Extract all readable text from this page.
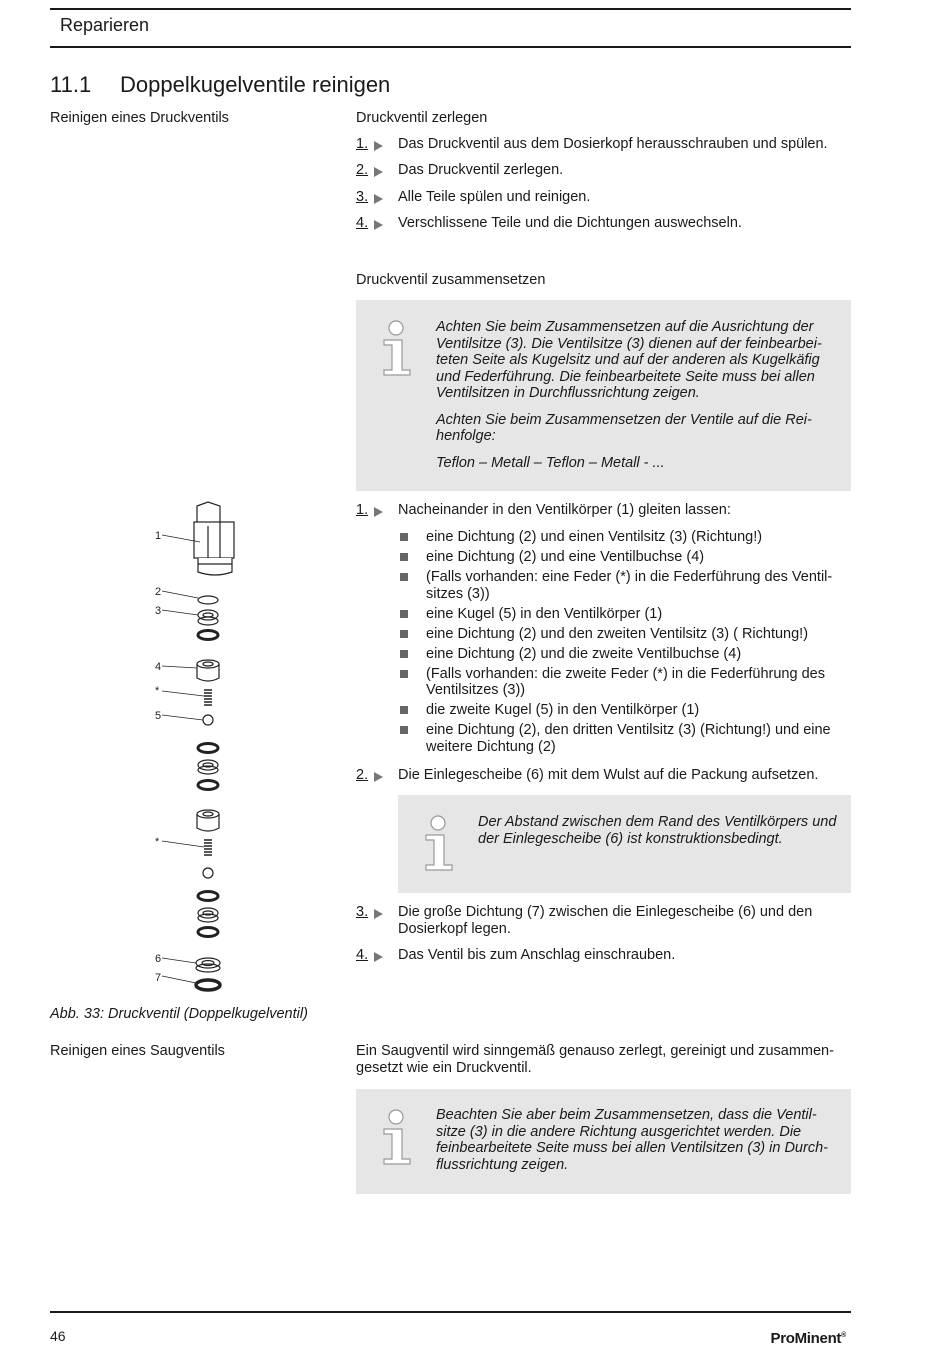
Reparieren
11.1 Doppelkugelventile reinigen
Reinigen eines Druckventils	Druckventil zerlegen
1. Das Druckventil aus dem Dosierkopf herausschrauben und spülen.
2. Das Druckventil zerlegen.
3. Alle Teile spülen und reinigen.
4. Verschlissene Teile und die Dichtungen auswechseln.
Druckventil zusammensetzen

Achten Sie beim Zusammensetzen auf die Ausrichtung der Ventilsitze (3). Die Ventilsitze (3) dienen auf der feinbearbei-teten Seite als Kugelsitz und auf der anderen als Kugelkäfig und Federführung. Die feinbearbeitete Seite muss bei allen Ventilsitzen in Durchflussrichtung zeigen.

Achten Sie beim Zusammensetzen der Ventile auf die Rei-henfolge:

Teflon – Metall – Teflon – Metall - ...

1. Nacheinander in den Ventilkörper (1) gleiten lassen:
eine Dichtung (2) und einen Ventilsitz (3) (Richtung!)
eine Dichtung (2) und eine Ventilbuchse (4)
(Falls vorhanden: eine Feder (*) in die Federführung des Ventil-sitzes (3))
eine Kugel (5) in den Ventilkörper (1)
eine Dichtung (2) und den zweiten Ventilsitz (3) ( Richtung!)
eine Dichtung (2) und die zweite Ventilbuchse (4)
(Falls vorhanden: die zweite Feder (*) in die Federführung des Ventilsitzes (3))
die zweite Kugel (5) in den Ventilkörper (1)
eine Dichtung (2), den dritten Ventilsitz (3) (Richtung!) und eine weitere Dichtung (2)
2. Die Einlegescheibe (6) mit dem Wulst auf die Packung aufsetzen.
Der Abstand zwischen dem Rand des Ventilkörpers und der Einlegescheibe (6) ist konstruktionsbedingt.
3. Die große Dichtung (7) zwischen die Einlegescheibe (6) und den Dosierkopf legen.
4. Das Ventil bis zum Anschlag einschrauben.
1
2
3
4
*
5
*
6
7
Abb. 33: Druckventil (Doppelkugelventil)
Reinigen eines Saugventils	Ein Saugventil wird sinngemäß genauso zerlegt, gereinigt und zusammen-gesetzt wie ein Druckventil.
Beachten Sie aber beim Zusammensetzen, dass die Ventil-sitze (3) in die andere Richtung ausgerichtet werden. Die feinbearbeitete Seite muss bei allen Ventilsitzen (3) in Durch-flussrichtung zeigen.
46	ProMinent®
